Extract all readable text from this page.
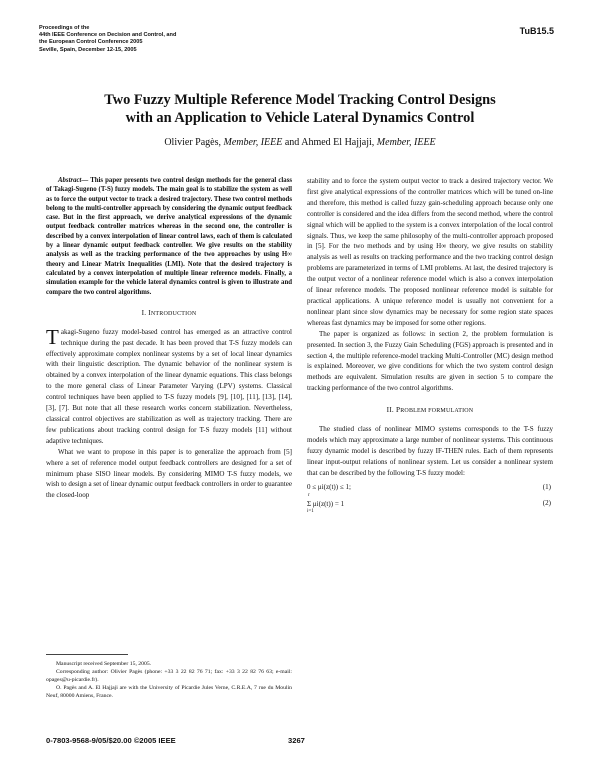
Proceedings of the
44th IEEE Conference on Decision and Control, and
the European Control Conference 2005
Seville, Spain, December 12-15, 2005
TuB15.5
Two Fuzzy Multiple Reference Model Tracking Control Designs
with an Application to Vehicle Lateral Dynamics Control
Olivier Pagès, Member, IEEE and Ahmed El Hajjaji, Member, IEEE

Abstract— This paper presents two control design methods for the general class of Takagi-Sugeno (T-S) fuzzy models. The main goal is to stabilize the system as well as to force the output vector to track a desired trajectory. These two control methods belong to the multi-controller approach by considering the dynamic output feedback case. But in the first approach, we derive analytical expressions of the dynamic output feedback controller matrices whereas in the second one, the controller is described by a convex interpolation of linear control laws, each of them is calculated by a linear dynamic output feedback controller. We give results on the stability analysis as well as the tracking performance of the two approaches by using H∞ theory and Linear Matrix Inequalities (LMI). Note that the desired trajectory is calculated by a convex interpolation of multiple linear reference models. Finally, a simulation example for the vehicle lateral dynamics control is given to illustrate and compare the two control algorithms.

I. INTRODUCTION

Takagi-Sugeno fuzzy model-based control has emerged as an attractive control technique during the past decade. It has been proved that T-S fuzzy models can effectively approximate complex nonlinear systems by a set of local linear dynamics with their linguistic description. The dynamic behavior of the nonlinear system is obtained by a convex interpolation of the linear dynamic equations. This class belongs to the more general class of Linear Parameter Varying (LPV) systems. Classical control techniques have been applied to T-S fuzzy models [9], [10], [11], [13], [14], [3], [7]. But note that all these research works concern stabilization. Nevertheless, classical control objectives are stabilization as well as trajectory tracking. There are few publications about tracking control design for T-S fuzzy models [11] without adaptive techniques.

What we want to propose in this paper is to generalize the approach from [5] where a set of reference model output feedback controllers are designed for a set of minimum phase SISO linear models. By considering MIMO T-S fuzzy models, we wish to design a set of linear dynamic output feedback controllers in order to guarantee the closed-loop

Manuscript received September 15, 2005.

Corresponding author: Olivier Pagès (phone: +33 3 22 82 76 71; fax: +33 3 22 82 76 63; e-mail: opages@u-picardie.fr).

O. Pagès and A. El Hajjaji are with the University of Picardie Jules Verne, C.R.E.A, 7 rue du Moulin Neuf, 80000 Amiens, France.

stability and to force the system output vector to track a desired trajectory vector. We first give analytical expressions of the controller matrices which will be tuned on-line and therefore, this method is called fuzzy gain-scheduling approach because only one controller is considered and the idea differs from the second method, where the control signal which will be applied to the system is a convex interpolation of the local control signals. Thus, we keep the same philosophy of the multi-controller approach proposed in [5]. For the two methods and by using H∞ theory, we give results on stability analysis as well as results on tracking performance and the two tracking control design problems are parameterized in terms of LMI problems. At last, the desired trajectory is the output vector of a nonlinear reference model which is also a convex interpolation of linear reference models. The proposed nonlinear reference model is suitable for practical applications. A unique reference model is usually not convenient for a nonlinear plant since slow dynamics may be necessary for some region state spaces whereas fast dynamics may be imposed for some other regions.

The paper is organized as follows: in section 2, the problem formulation is presented. In section 3, the Fuzzy Gain Scheduling (FGS) approach is presented and in section 4, the multiple reference-model tracking Multi-Controller (MC) design method is explained. Moreover, we give conditions for which the two system control design methods are equivalent. Simulation results are given in section 5 to compare the tracking performance of the two control algorithms.

II. PROBLEM FORMULATION

The studied class of nonlinear MIMO systems corresponds to the T-S fuzzy models which may approximate a large number of nonlinear systems. This continuous fuzzy dynamic model is described by fuzzy IF-THEN rules. Each of them represents linear input-output relations of nonlinear system. Let us consider a nonlinear system that can be described by the following T-S fuzzy model:

0 ≤ μi(z(t)) ≤ 1;	(1)
r
Σ μi(z(t)) = 1
i=1
(2)
0-7803-9568-9/05/$20.00 ©2005 IEEE	3267
